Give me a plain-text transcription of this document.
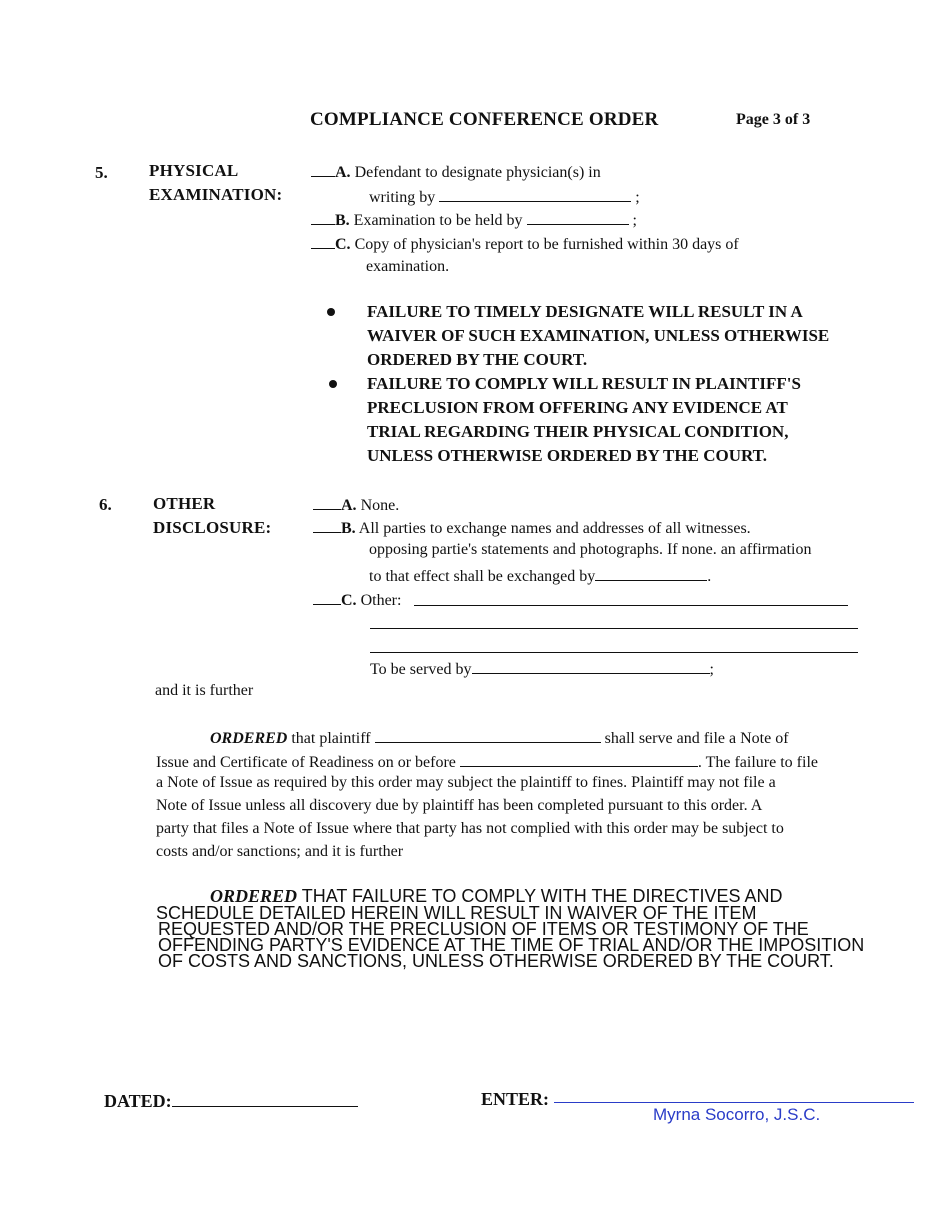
COMPLIANCE CONFERENCE ORDER	Page 3 of 3
5. PHYSICAL
EXAMINATION:
A. Defendant to designate physician(s) in
writing by	;
B. Examination to be held by	;
C. Copy of physician's report to be furnished within 30 days of
examination.
FAILURE TO TIMELY DESIGNATE WILL RESULT IN A
WAIVER OF SUCH EXAMINATION, UNLESS OTHERWISE
ORDERED BY THE COURT.
FAILURE TO COMPLY WILL RESULT IN PLAINTIFF'S
PRECLUSION FROM OFFERING ANY EVIDENCE AT
TRIAL REGARDING THEIR PHYSICAL CONDITION,
UNLESS OTHERWISE ORDERED BY THE COURT.
6. OTHER
DISCLOSURE:
A. None.
B. All parties to exchange names and addresses of all witnesses.
opposing partie's statements and photographs. If none. an affirmation
to that effect shall be exchanged by	.
C. Other:
To be served by	;
and it is further
ORDERED that plaintiff	shall serve and file a Note of
Issue and Certificate of Readiness on or before	. The failure to file
a Note of Issue as required by this order may subject the plaintiff to fines. Plaintiff may not file a
Note of Issue unless all discovery due by plaintiff has been completed pursuant to this order. A
party that files a Note of Issue where that party has not complied with this order may be subject to
costs and/or sanctions; and it is further
ORDERED THAT FAILURE TO COMPLY WITH THE DIRECTIVES AND
SCHEDULE DETAILED HEREIN WILL RESULT IN WAIVER OF THE ITEM
REQUESTED AND/OR THE PRECLUSION OF ITEMS OR TESTIMONY OF THE
OFFENDING PARTY'S EVIDENCE AT THE TIME OF TRIAL AND/OR THE IMPOSITION
OF COSTS AND SANCTIONS, UNLESS OTHERWISE ORDERED BY THE COURT.
DATED:	ENTER:
Myrna Socorro, J.S.C.
